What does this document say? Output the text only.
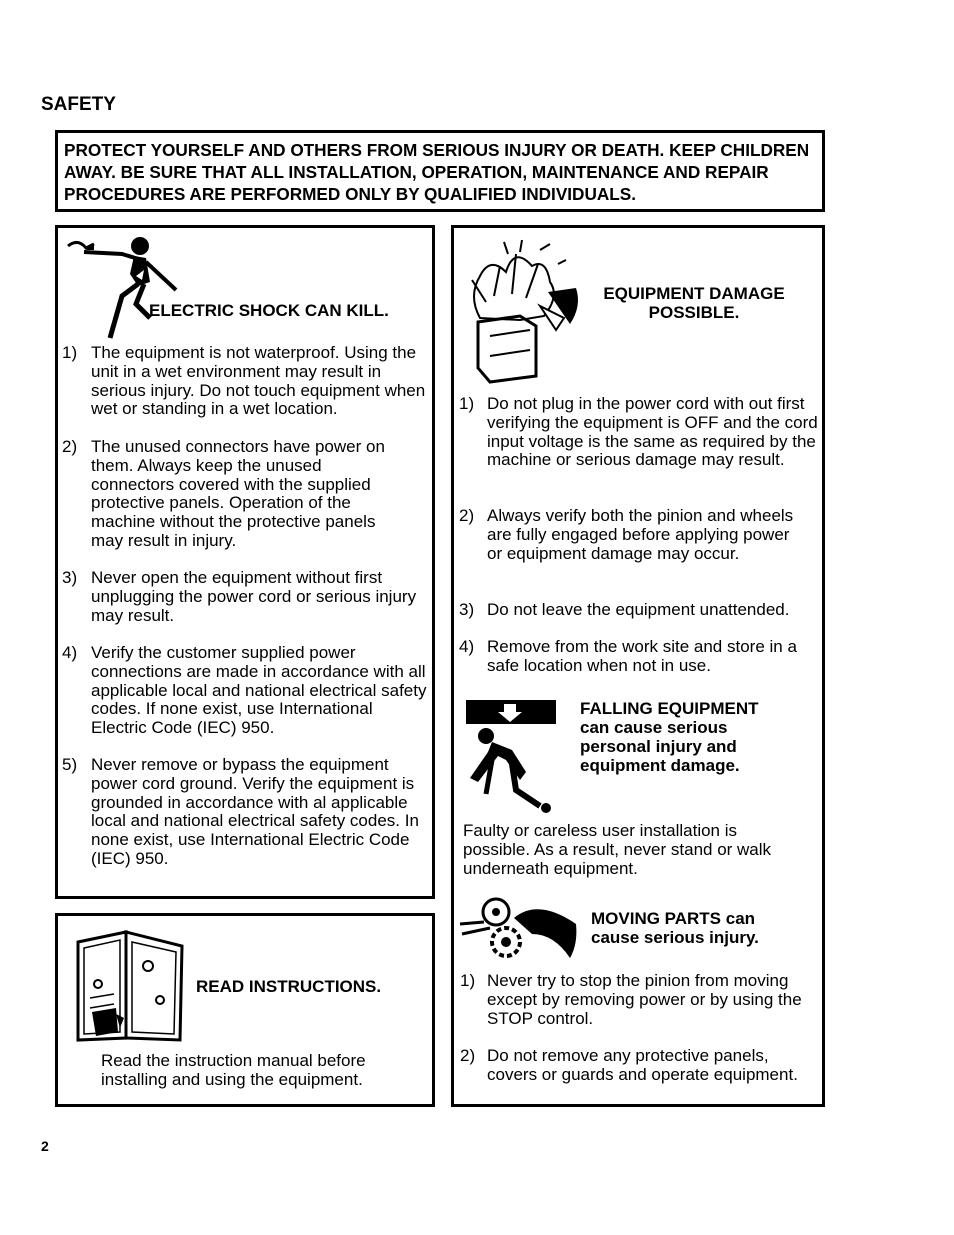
SAFETY
PROTECT YOURSELF AND OTHERS FROM SERIOUS INJURY OR DEATH. KEEP CHILDREN AWAY. BE SURE THAT ALL INSTALLATION, OPERATION, MAINTENANCE AND REPAIR PROCEDURES ARE PERFORMED ONLY BY QUALIFIED INDIVIDUALS.
ELECTRIC SHOCK CAN KILL.
1) The equipment is not waterproof. Using the unit in a wet environment may result in serious injury. Do not touch equipment when wet or standing in a wet location.
2) The unused connectors have power on them. Always keep the unused connectors covered with the supplied protective panels. Operation of the machine without the protective panels may result in injury.
3) Never open the equipment without first unplugging the power cord or serious injury may result.
4) Verify the customer supplied power connections are made in accordance with all applicable local and national electrical safety codes. If none exist, use International Electric Code (IEC) 950.
5) Never remove or bypass the equipment power cord ground. Verify the equipment is grounded in accordance with al applicable local and national electrical safety codes. In none exist, use International Electric Code (IEC) 950.
READ INSTRUCTIONS.
Read the instruction manual before installing and using the equipment.
EQUIPMENT DAMAGE POSSIBLE.
1) Do not plug in the power cord with out first verifying the equipment is OFF and the cord input voltage is the same as required by the machine or serious damage may result.
2) Always verify both the pinion and wheels are fully engaged before applying power or equipment damage may occur.
3) Do not leave the equipment unattended.
4) Remove from the work site and store in a safe location when not in use.
FALLING EQUIPMENT can cause serious personal injury and equipment damage.
Faulty or careless user installation is possible. As a result, never stand or walk underneath equipment.
MOVING PARTS can cause serious injury.
1) Never try to stop the pinion from moving except by removing power or by using the STOP control.
2) Do not remove any protective panels, covers or guards and operate equipment.
2
